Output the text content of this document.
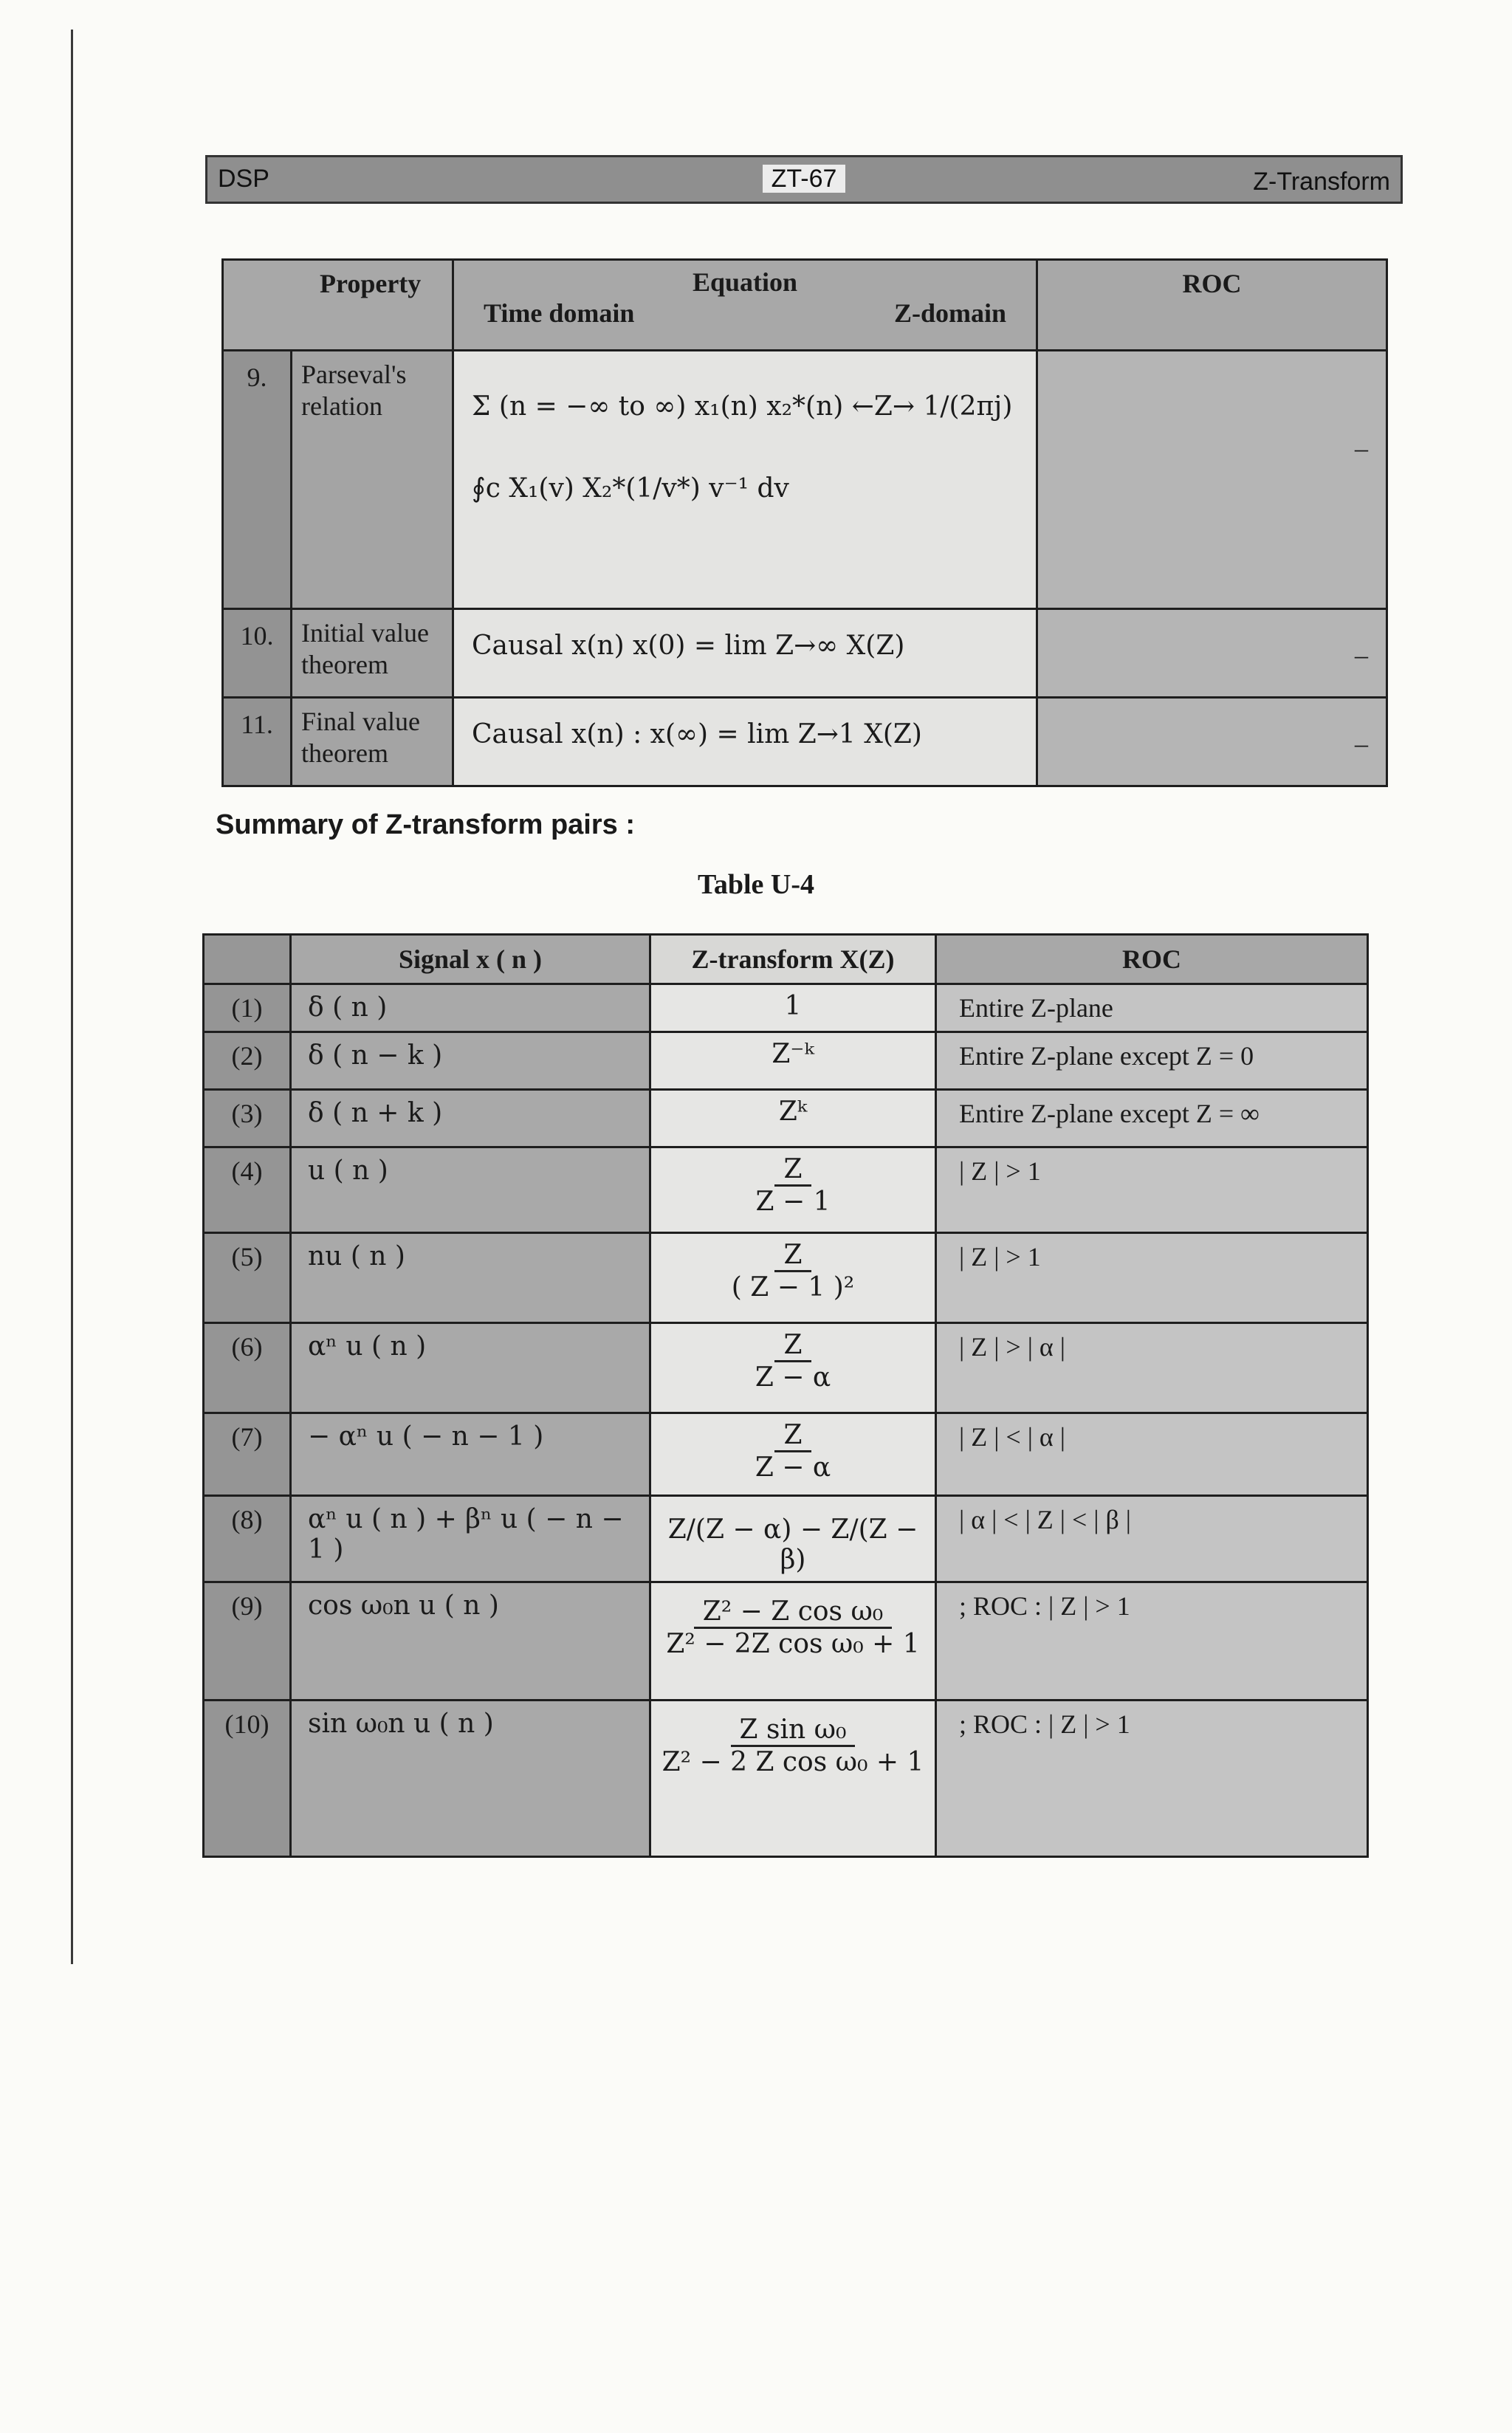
DSP	ZT-67	Z-Transform
Property		Equation
Time domain Z-domain	ROC
9.	Parseval's relation	Σ (n = −∞ to ∞) x₁(n) x₂*(n) ←Z→ 1/(2πj)
∮c X₁(v) X₂*(1/v*) v⁻¹ dv	–
10.	Initial value theorem	Causal x(n) x(0) = lim Z→∞ X(Z)	–
11.	Final value theorem	Causal x(n) : x(∞) = lim Z→1 X(Z)	–
Summary of Z-transform pairs :
Table U-4
	Signal x ( n )	Z-transform X(Z)	ROC
(1)	δ ( n )	1	Entire Z-plane
(2)	δ ( n − k )	Z⁻ᵏ	Entire Z-plane except Z = 0
(3)	δ ( n + k )	Zᵏ	Entire Z-plane except Z = ∞
(4)	u ( n )	$\frac{Z}{Z - 1}$	| Z | > 1
(5)	nu ( n )	$\frac{Z}{\text{( Z − 1 )²}}$	| Z | > 1
(6)	αⁿ u ( n )	$\frac{Z}{Z - \alpha}$	| Z | > | α |
(7)	− αⁿ u ( − n − 1 )	$\frac{Z}{Z - \alpha}$	| Z | < | α |
(8)	αⁿ u ( n ) + βⁿ u ( − n − 1 )	Z/(Z − α) − Z/(Z − β)	| α | < | Z | < | β |
(9)	cos ω₀n u ( n )	$\frac{\text{Z² − Z cos ω₀}}{\text{Z² − 2Z cos ω₀ + 1}}$	; ROC : | Z | > 1
(10)	sin ω₀n u ( n )	$\frac{\text{Z sin ω₀}}{\text{Z² − 2 Z cos ω₀ + 1}}$	; ROC : | Z | > 1
